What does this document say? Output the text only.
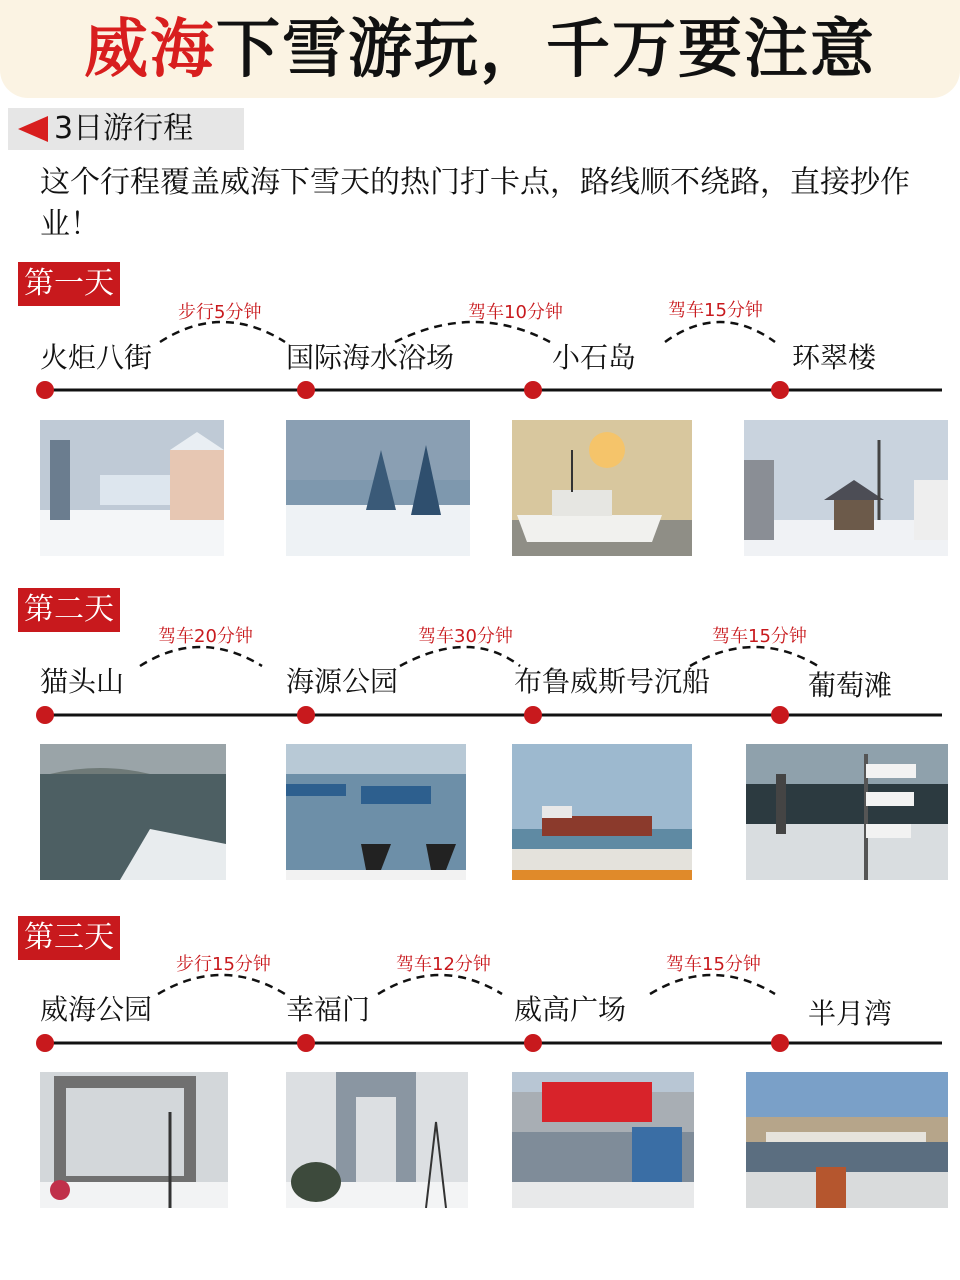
威海下雪游玩，千万要注意
3日游行程
这个行程覆盖威海下雪天的热门打卡点，路线顺不绕路，直接抄作业！
第一天
步行5分钟	驾车10分钟	驾车15分钟
火炬八街	国际海水浴场	小石岛	环翠楼
第二天
驾车20分钟	驾车30分钟	驾车15分钟
猫头山	海源公园	布鲁威斯号沉船	葡萄滩
第三天
步行15分钟	驾车12分钟	驾车15分钟
威海公园	幸福门	威高广场	半月湾
